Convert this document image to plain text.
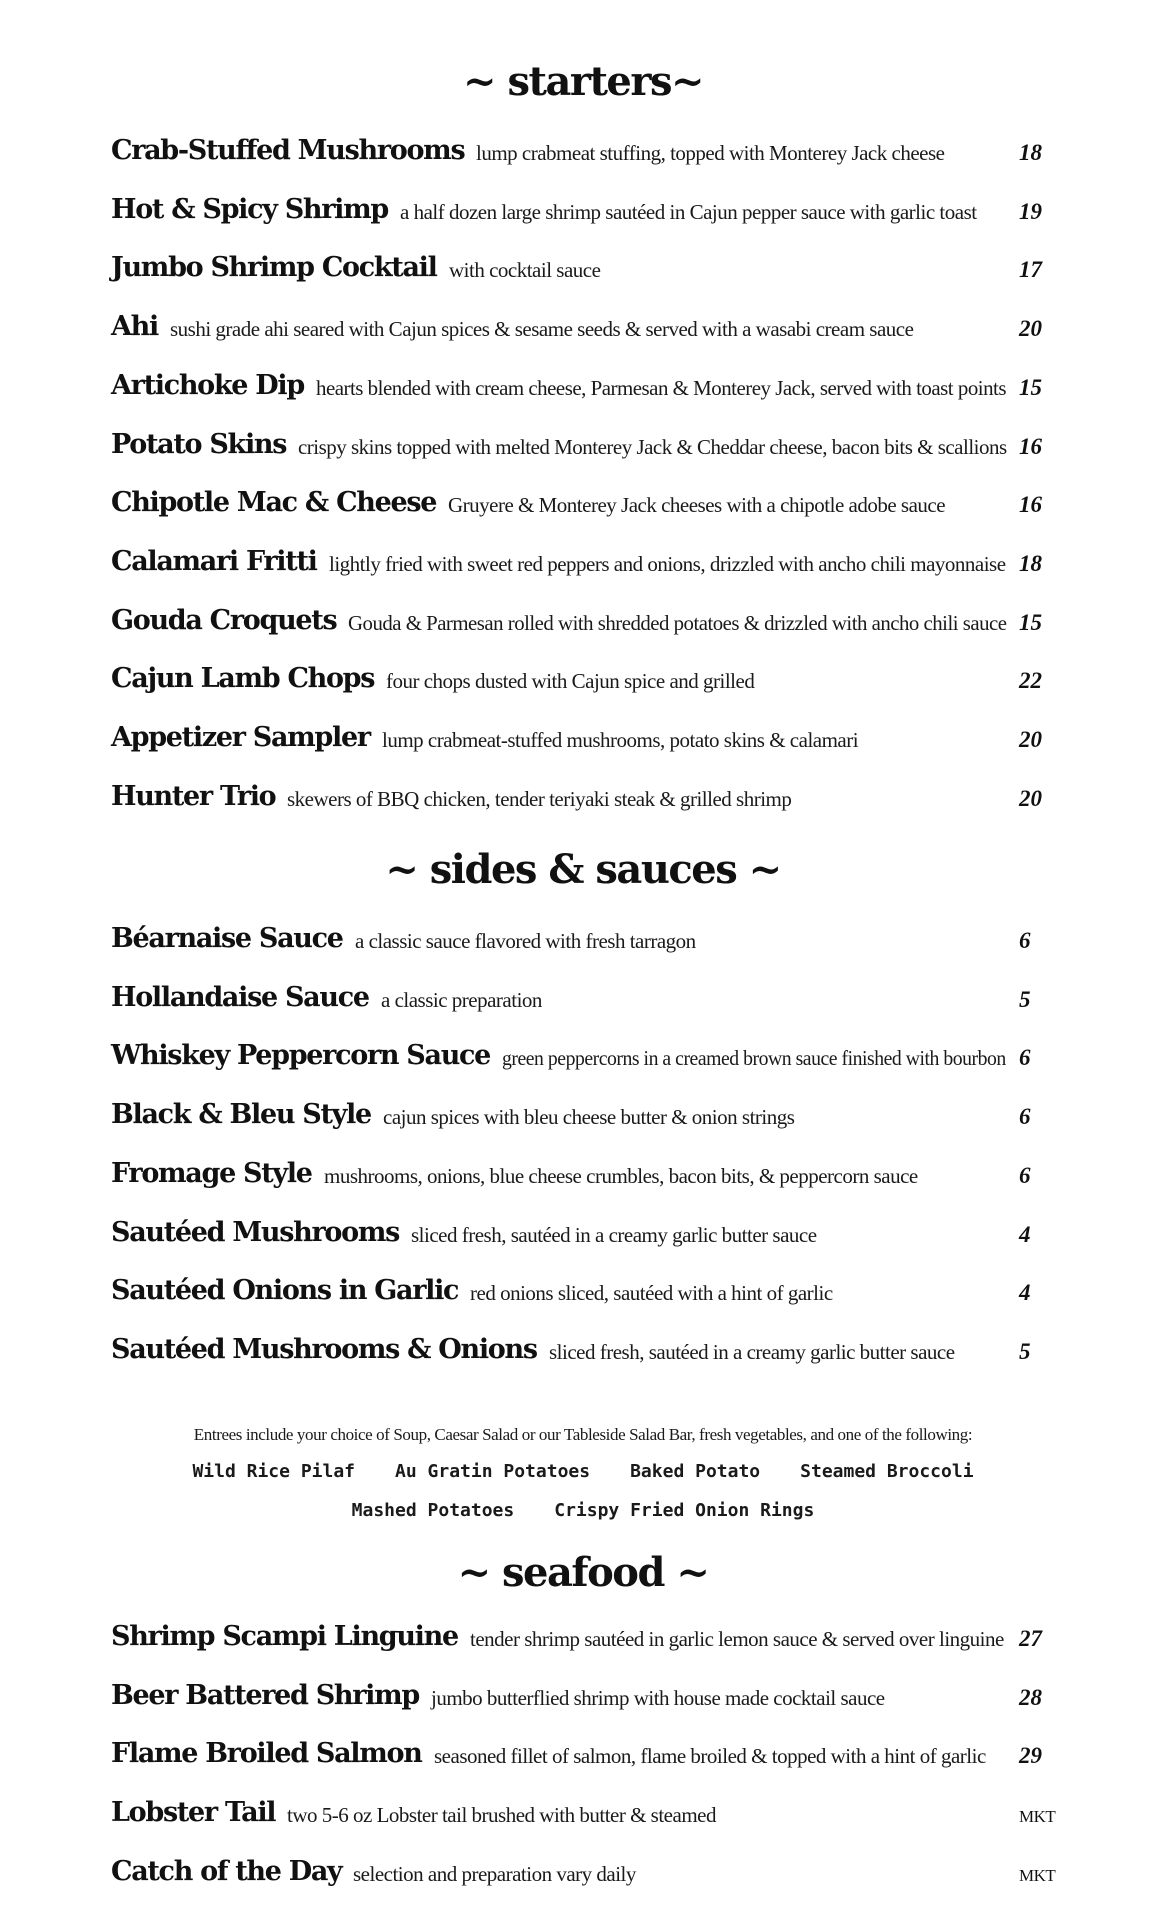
~ starters~
Crab-Stuffed Mushrooms lump crabmeat stuffing, topped with Monterey Jack cheese	18
Hot & Spicy Shrimp a half dozen large shrimp sautéed in Cajun pepper sauce with garlic toast 19
Jumbo Shrimp Cocktail with cocktail sauce	17
Ahi sushi grade ahi seared with Cajun spices & sesame seeds & served with a wasabi cream sauce	20
Artichoke Dip hearts blended with cream cheese, Parmesan & Monterey Jack, served with toast points 15
Potato Skins crispy skins topped with melted Monterey Jack & Cheddar cheese, bacon bits & scallions 16
Chipotle Mac & Cheese Gruyere & Monterey Jack cheeses with a chipotle adobe sauce	16
Calamari Fritti lightly fried with sweet red peppers and onions, drizzled with ancho chili mayonnaise 18
Gouda Croquets Gouda & Parmesan rolled with shredded potatoes & drizzled with ancho chili sauce 15
Cajun Lamb Chops four chops dusted with Cajun spice and grilled	22
Appetizer Sampler lump crabmeat-stuffed mushrooms, potato skins & calamari	20
Hunter Trio skewers of BBQ chicken, tender teriyaki steak & grilled shrimp	20
~ sides & sauces ~
Béarnaise Sauce a classic sauce flavored with fresh tarragon	6
Hollandaise Sauce a classic preparation	5
Whiskey Peppercorn Sauce green peppercorns in a creamed brown sauce finished with bourbon 6
Black & Bleu Style cajun spices with bleu cheese butter & onion strings	6
Fromage Style mushrooms, onions, blue cheese crumbles, bacon bits, & peppercorn sauce	6
Sautéed Mushrooms sliced fresh, sautéed in a creamy garlic butter sauce	4
Sautéed Onions in Garlic red onions sliced, sautéed with a hint of garlic	4
Sautéed Mushrooms & Onions sliced fresh, sautéed in a creamy garlic butter sauce	5
Entrees include your choice of Soup, Caesar Salad or our Tableside Salad Bar, fresh vegetables, and one of the following:
Wild Rice Pilaf Au Gratin Potatoes Baked Potato Steamed Broccoli
Mashed Potatoes Crispy Fried Onion Rings
~ seafood ~
Shrimp Scampi Linguine tender shrimp sautéed in garlic lemon sauce & served over linguine 27
Beer Battered Shrimp jumbo butterflied shrimp with house made cocktail sauce	28
Flame Broiled Salmon seasoned fillet of salmon, flame broiled & topped with a hint of garlic 29
Lobster Tail two 5-6 oz Lobster tail brushed with butter & steamed	MKT
Catch of the Day selection and preparation vary daily	MKT
